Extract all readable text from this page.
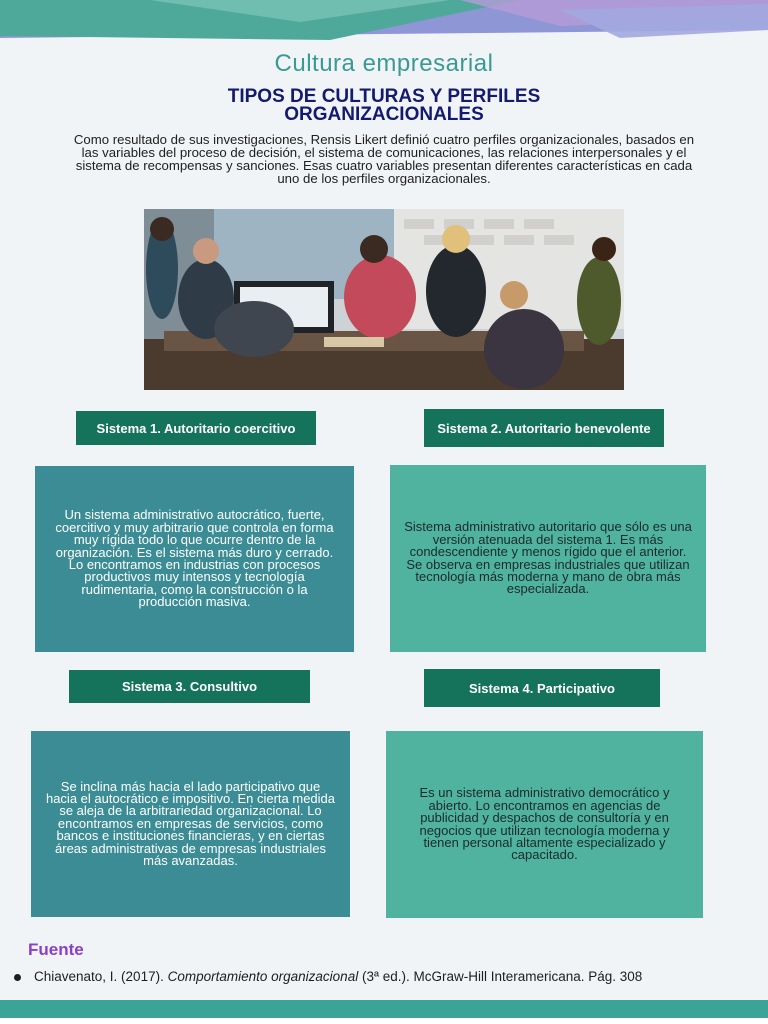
Cultura empresarial
TIPOS DE CULTURAS Y PERFILES ORGANIZACIONALES
Como resultado de sus investigaciones, Rensis Likert definió cuatro perfiles organizacionales, basados en las variables del proceso de decisión, el sistema de comunicaciones, las relaciones interpersonales y el sistema de recompensas y sanciones. Esas cuatro variables presentan diferentes características en cada uno de los perfiles organizacionales.
Sistema 1. Autoritario coercitivo
Un sistema administrativo autocrático, fuerte, coercitivo y muy arbitrario que controla en forma muy rígida todo lo que ocurre dentro de la organización. Es el sistema más duro y cerrado. Lo encontramos en industrias con procesos productivos muy intensos y tecnología rudimentaria, como la construcción o la producción masiva.
Sistema 2. Autoritario benevolente
Sistema administrativo autoritario que sólo es una versión atenuada del sistema 1. Es más condescendiente y menos rígido que el anterior. Se observa en empresas industriales que utilizan tecnología más moderna y mano de obra más especializada.
Sistema 3. Consultivo
Se inclina más hacia el lado participativo que hacia el autocrático e impositivo. En cierta medida se aleja de la arbitrariedad organizacional. Lo encontramos en empresas de servicios, como bancos e instituciones financieras, y en ciertas áreas administrativas de empresas industriales más avanzadas.
Sistema 4. Participativo
Es un sistema administrativo democrático y abierto. Lo encontramos en agencias de publicidad y despachos de consultoría y en negocios que utilizan tecnología moderna y tienen personal altamente especializado y capacitado.
Fuente
Chiavenato, I. (2017). Comportamiento organizacional (3ª ed.). McGraw-Hill Interamericana. Pág. 308
